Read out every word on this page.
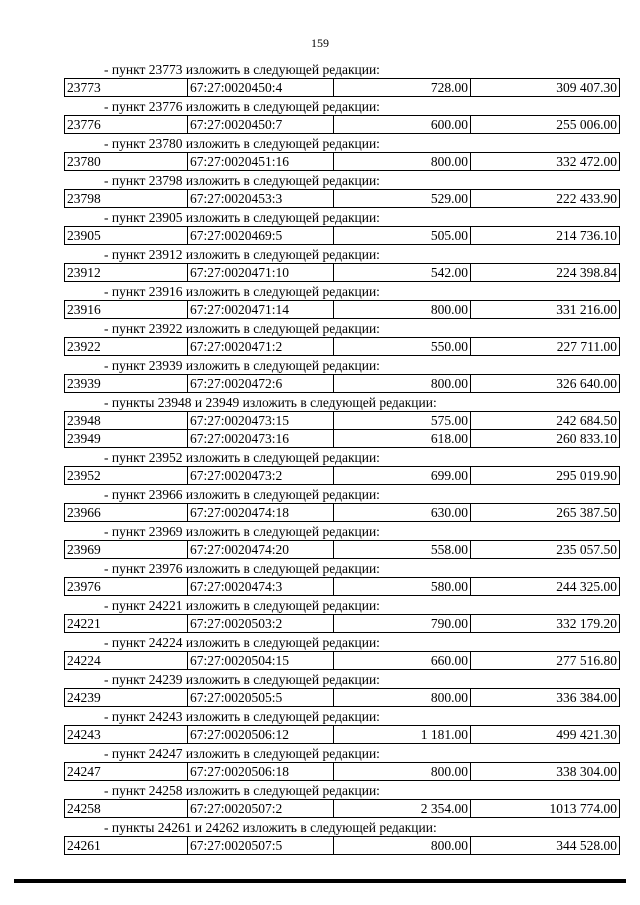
159
- пункт 23773 изложить в следующей редакции:
23773	67:27:0020450:4	728.00	309 407.30
- пункт 23776 изложить в следующей редакции:
23776	67:27:0020450:7	600.00	255 006.00
- пункт 23780 изложить в следующей редакции:
23780	67:27:0020451:16	800.00	332 472.00
- пункт 23798 изложить в следующей редакции:
23798	67:27:0020453:3	529.00	222 433.90
- пункт 23905 изложить в следующей редакции:
23905	67:27:0020469:5	505.00	214 736.10
- пункт 23912 изложить в следующей редакции:
23912	67:27:0020471:10	542.00	224 398.84
- пункт 23916 изложить в следующей редакции:
23916	67:27:0020471:14	800.00	331 216.00
- пункт 23922 изложить в следующей редакции:
23922	67:27:0020471:2	550.00	227 711.00
- пункт 23939 изложить в следующей редакции:
23939	67:27:0020472:6	800.00	326 640.00
- пункты 23948 и 23949 изложить в следующей редакции:
23948	67:27:0020473:15	575.00	242 684.50
23949	67:27:0020473:16	618.00	260 833.10
- пункт 23952 изложить в следующей редакции:
23952	67:27:0020473:2	699.00	295 019.90
- пункт 23966 изложить в следующей редакции:
23966	67:27:0020474:18	630.00	265 387.50
- пункт 23969 изложить в следующей редакции:
23969	67:27:0020474:20	558.00	235 057.50
- пункт 23976 изложить в следующей редакции:
23976	67:27:0020474:3	580.00	244 325.00
- пункт 24221 изложить в следующей редакции:
24221	67:27:0020503:2	790.00	332 179.20
- пункт 24224 изложить в следующей редакции:
24224	67:27:0020504:15	660.00	277 516.80
- пункт 24239 изложить в следующей редакции:
24239	67:27:0020505:5	800.00	336 384.00
- пункт 24243 изложить в следующей редакции:
24243	67:27:0020506:12	1 181.00	499 421.30
- пункт 24247 изложить в следующей редакции:
24247	67:27:0020506:18	800.00	338 304.00
- пункт 24258 изложить в следующей редакции:
24258	67:27:0020507:2	2 354.00	1013 774.00
- пункты 24261 и 24262 изложить в следующей редакции:
24261	67:27:0020507:5	800.00	344 528.00
